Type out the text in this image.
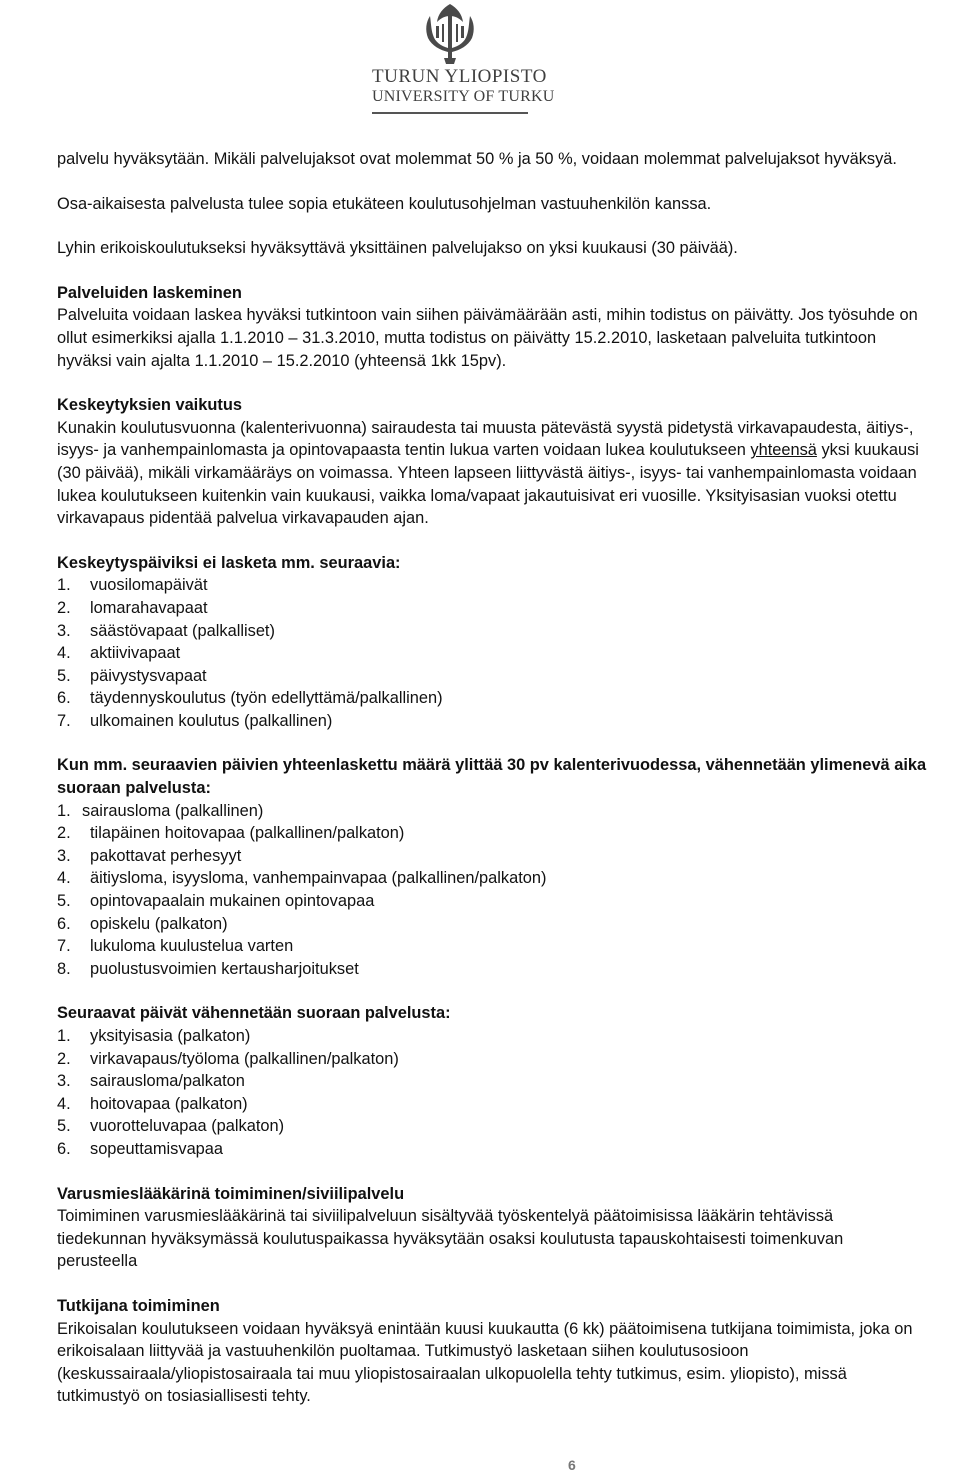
TURUN YLIOPISTO
UNIVERSITY OF TURKU

palvelu hyväksytään. Mikäli palvelujaksot ovat molemmat 50 % ja 50 %, voidaan molemmat palvelujaksot hyväksyä.

Osa-aikaisesta palvelusta tulee sopia etukäteen koulutusohjelman vastuuhenkilön kanssa.

Lyhin erikoiskoulutukseksi hyväksyttävä yksittäinen palvelujakso on yksi kuukausi (30 päivää).

Palveluiden laskeminen

Palveluita voidaan laskea hyväksi tutkintoon vain siihen päivämäärään asti, mihin todistus on päivätty. Jos työsuhde on ollut esimerkiksi ajalla 1.1.2010 – 31.3.2010, mutta todistus on päivätty 15.2.2010, lasketaan palveluita tutkintoon hyväksi vain ajalta 1.1.2010 – 15.2.2010 (yhteensä 1kk 15pv).

Keskeytyksien vaikutus

Kunakin koulutusvuonna (kalenterivuonna) sairaudesta tai muusta pätevästä syystä pidetystä virkavapaudesta, äitiys-, isyys- ja vanhempainlomasta ja opintovapaasta tentin lukua varten voidaan lukea koulutukseen yhteensä yksi kuukausi (30 päivää), mikäli virkamääräys on voimassa. Yhteen lapseen liittyvästä äitiys-, isyys- tai vanhempainlomasta voidaan lukea koulutukseen kuitenkin vain kuukausi, vaikka loma/vapaat jakautuisivat eri vuosille. Yksityisasian vuoksi otettu virkavapaus pidentää palvelua virkavapauden ajan.

Keskeytyspäiviksi ei lasketa mm. seuraavia:

1.	vuosilomapäivät
2.	lomarahavapaat
3.	säästövapaat (palkalliset)
4.	aktiivivapaat
5.	päivystysvapaat
6.	täydennyskoulutus (työn edellyttämä/palkallinen)
7.	ulkomainen koulutus (palkallinen)

Kun mm. seuraavien päivien yhteenlaskettu määrä ylittää 30 pv kalenterivuodessa, vähennetään ylimenevä aika suoraan palvelusta:

1. sairausloma (palkallinen)
2.	tilapäinen hoitovapaa (palkallinen/palkaton)
3.	pakottavat perhesyyt
4.	äitiysloma, isyysloma, vanhempainvapaa (palkallinen/palkaton)
5.	opintovapaalain mukainen opintovapaa
6.	opiskelu (palkaton)
7.	lukuloma kuulustelua varten
8.	puolustusvoimien kertausharjoitukset

Seuraavat päivät vähennetään suoraan palvelusta:

1.	yksityisasia (palkaton)
2.	virkavapaus/työloma (palkallinen/palkaton)
3.	sairausloma/palkaton
4.	hoitovapaa (palkaton)
5.	vuorotteluvapaa (palkaton)
6.	sopeuttamisvapaa

Varusmieslääkärinä toimiminen/siviilipalvelu

Toimiminen varusmieslääkärinä tai siviilipalveluun sisältyvää työskentelyä päätoimisissa lääkärin tehtävissä tiedekunnan hyväksymässä koulutuspaikassa hyväksytään osaksi koulutusta tapauskohtaisesti toimenkuvan perusteella

Tutkijana toimiminen

Erikoisalan koulutukseen voidaan hyväksyä enintään kuusi kuukautta (6 kk) päätoimisena tutkijana toimimista, joka on erikoisalaan liittyvää ja vastuuhenkilön puoltamaa. Tutkimustyö lasketaan siihen koulutusosioon (keskussairaala/yliopistosairaala tai muu yliopistosairaalan ulkopuolella tehty tutkimus, esim. yliopisto), missä tutkimustyö on tosiasiallisesti tehty.

6
